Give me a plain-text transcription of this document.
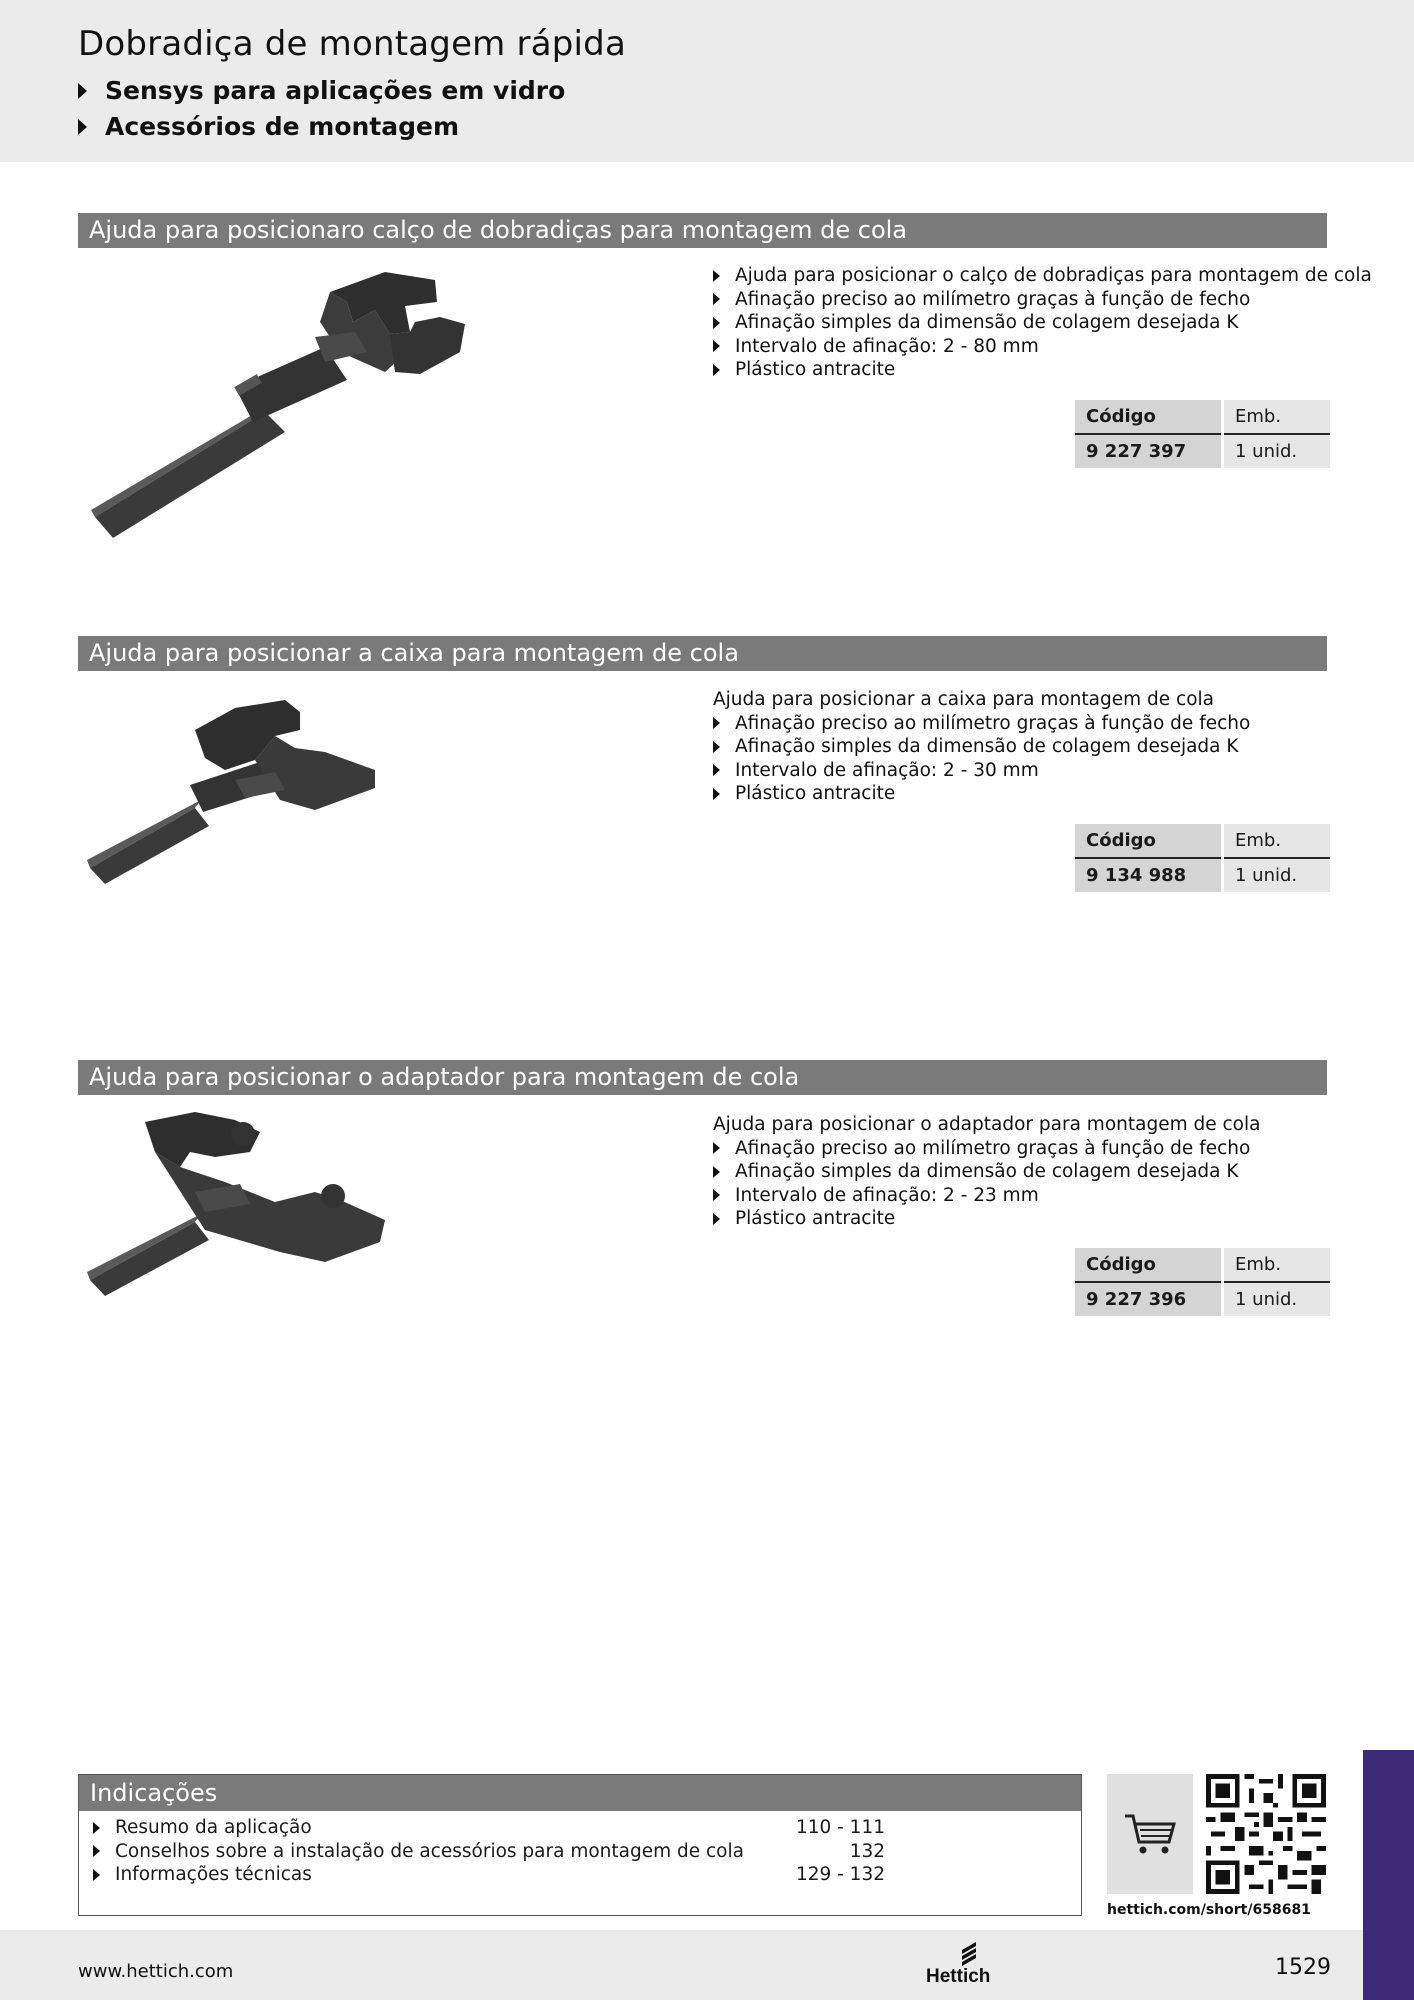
Dobradiça de montagem rápida
Sensys para aplicações em vidro
Acessórios de montagem
Ajuda para posicionaro calço de dobradiças para montagem de cola
Ajuda para posicionar o calço de dobradiças para montagem de cola
Afinação preciso ao milímetro graças à função de fecho
Afinação simples da dimensão de colagem desejada K
Intervalo de afinação: 2 - 80 mm
Plástico antracite
Código	Emb.
9 227 397	1 unid.
Ajuda para posicionar a caixa para montagem de cola
Ajuda para posicionar a caixa para montagem de cola
Afinação preciso ao milímetro graças à função de fecho
Afinação simples da dimensão de colagem desejada K
Intervalo de afinação: 2 - 30 mm
Plástico antracite
Código	Emb.
9 134 988	1 unid.
Ajuda para posicionar o adaptador para montagem de cola
Ajuda para posicionar o adaptador para montagem de cola
Afinação preciso ao milímetro graças à função de fecho
Afinação simples da dimensão de colagem desejada K
Intervalo de afinação: 2 - 23 mm
Plástico antracite
Código	Emb.
9 227 396	1 unid.
Indicações
Resumo da aplicação	110 - 111
Conselhos sobre a instalação de acessórios para montagem de cola	132
Informações técnicas	129 - 132
hettich.com/short/658681
www.hettich.com	Hettich	1529
